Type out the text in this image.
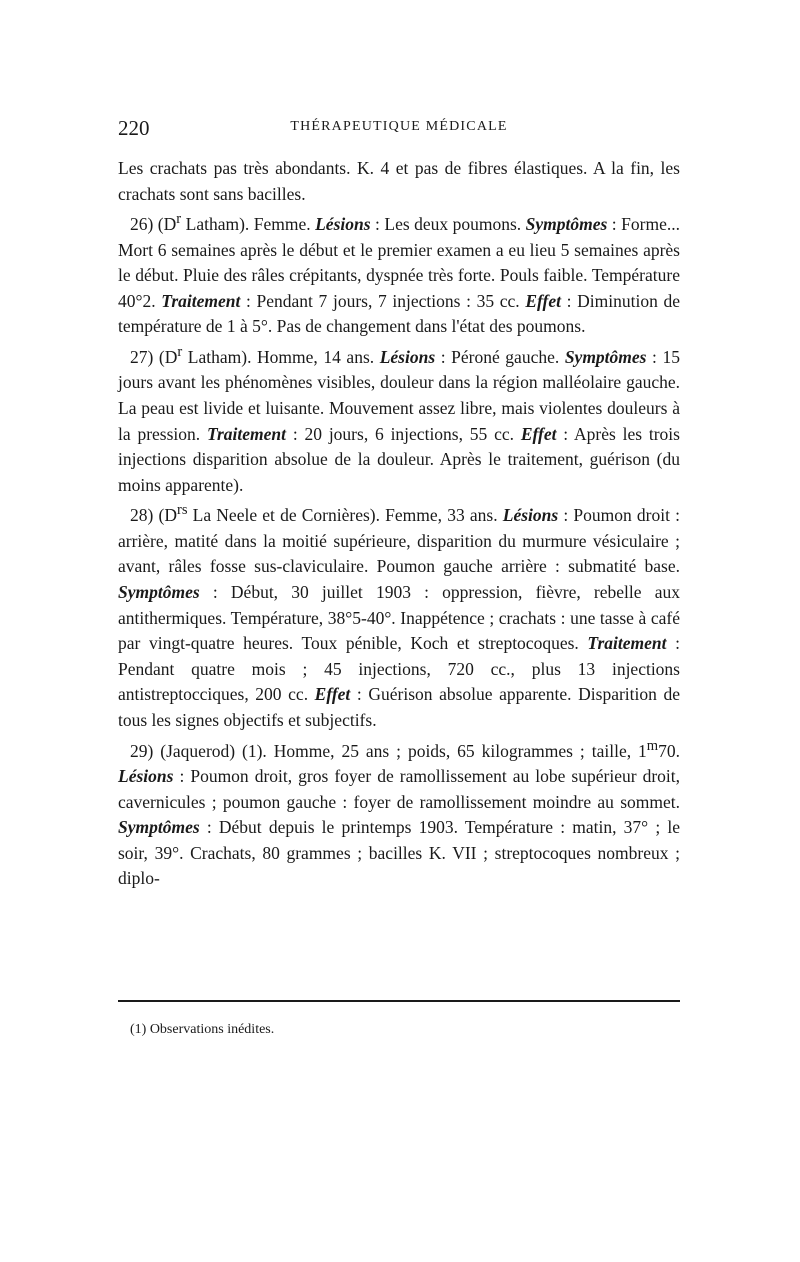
220	THÉRAPEUTIQUE MÉDICALE

Les crachats pas très abondants. K. 4 et pas de fibres élastiques. A la fin, les crachats sont sans bacilles.

26) ($D^r$ Latham). Femme. Lésions : Les deux poumons. Symptômes : Forme... Mort 6 semaines après le début et le premier examen a eu lieu 5 semaines après le début. Pluie des râles crépitants, dyspnée très forte. Pouls faible. Température 40°2. Traitement : Pendant 7 jours, 7 injections : 35 cc. Effet : Diminution de température de 1 à 5°. Pas de changement dans l'état des poumons.

27) ($D^r$ Latham). Homme, 14 ans. Lésions : Péroné gauche. Symptômes : 15 jours avant les phénomènes visibles, douleur dans la région malléolaire gauche. La peau est livide et luisante. Mouvement assez libre, mais violentes douleurs à la pression. Traitement : 20 jours, 6 injections, 55 cc. Effet : Après les trois injections disparition absolue de la douleur. Après le traitement, guérison (du moins apparente).

28) ($D^{rs}$ La Neele et de Cornières). Femme, 33 ans. Lésions : Poumon droit : arrière, matité dans la moitié supérieure, disparition du murmure vésiculaire ; avant, râles fosse sus-claviculaire. Poumon gauche arrière : submatité base. Symptômes : Début, 30 juillet 1903 : oppression, fièvre, rebelle aux antithermiques. Température, 38°5-40°. Inappétence ; crachats : une tasse à café par vingt-quatre heures. Toux pénible, Koch et streptocoques. Traitement : Pendant quatre mois ; 45 injections, 720 cc., plus 13 injections antistreptocciques, 200 cc. Effet : Guérison absolue apparente. Disparition de tous les signes objectifs et subjectifs.

29) (Jaquerod) (1). Homme, 25 ans ; poids, 65 kilogrammes ; taille, 1$^m$70. Lésions : Poumon droit, gros foyer de ramollissement au lobe supérieur droit, cavernicules ; poumon gauche : foyer de ramollissement moindre au sommet. Symptômes : Début depuis le printemps 1903. Température : matin, 37° ; le soir, 39°. Crachats, 80 grammes ; bacilles K. VII ; streptocoques nombreux ; diplo-

(1) Observations inédites.
